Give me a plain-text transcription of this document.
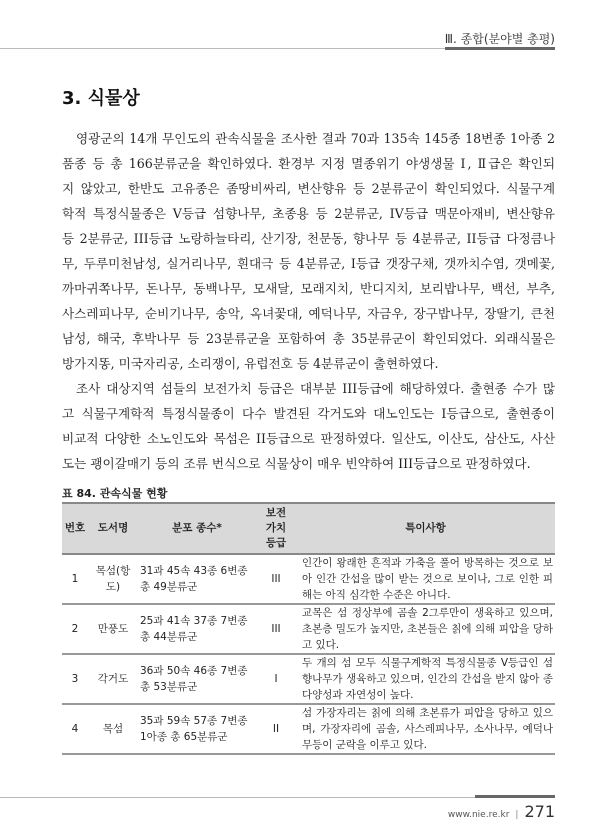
Ⅲ. 종합(분야별 총평)
3. 식물상
영광군의 14개 무인도의 관속식물을 조사한 결과 70과 135속 145종 18변종 1아종 2
품종 등 총 166분류군을 확인하였다. 환경부 지정 멸종위기 야생생물 Ⅰ, Ⅱ급은 확인되
지 않았고, 한반도 고유종은 좀땅비싸리, 변산향유 등 2분류군이 확인되었다. 식물구계
학적 특정식물종은 V등급 섬향나무, 초종용 등 2분류군, IV등급 맥문아재비, 변산향유
등 2분류군, III등급 노랑하늘타리, 산기장, 천문동, 향나무 등 4분류군, II등급 다정큼나
무, 두루미천남성, 실거리나무, 흰대극 등 4분류군, I등급 갯장구채, 갯까치수염, 갯메꽃,
까마귀쪽나무, 돈나무, 동백나무, 모새달, 모래지치, 반디지치, 보리밥나무, 백선, 부추,
사스레피나무, 순비기나무, 송악, 옥녀꽃대, 예덕나무, 자금우, 장구밥나무, 장딸기, 큰천
남성, 해국, 후박나무 등 23분류군을 포함하여 총 35분류군이 확인되었다. 외래식물은
방가지똥, 미국자리공, 소리쟁이, 유럽전호 등 4분류군이 출현하였다.
조사 대상지역 섬들의 보전가치 등급은 대부분 III등급에 해당하였다. 출현종 수가 많
고 식물구계학적 특정식물종이 다수 발견된 각거도와 대노인도는 I등급으로, 출현종이
비교적 다양한 소노인도와 목섬은 II등급으로 판정하였다. 일산도, 이산도, 삼산도, 사산
도는 괭이갈매기 등의 조류 번식으로 식물상이 매우 빈약하여 III등급으로 판정하였다.
표 84. 관속식물 현황
번호	도서명	분포 종수*	보전
가치
등급	특이사항
1	목섬(항도)	31과 45속 43종 6변종
총 49분류군	III	인간이 왕래한 흔적과 가축을 풀어 방목하는 것으로 보아 인간 간섭을 많이 받는 것으로 보이나, 그로 인한 피해는 아직 심각한 수준은 아니다.
2	만풍도	25과 41속 37종 7변종
총 44분류군	III	교목은 섬 정상부에 곰솔 2그루만이 생육하고 있으며, 초본층 밀도가 높지만, 초본들은 칡에 의해 피압을 당하고 있다.
3	각거도	36과 50속 46종 7변종
총 53분류군	I	두 개의 섬 모두 식물구계학적 특정식물종 V등급인 섬향나무가 생육하고 있으며, 인간의 간섭을 받지 않아 종다양성과 자연성이 높다.
4	목섬	35과 59속 57종 7변종
1아종 총 65분류군	II	섬 가장자리는 칡에 의해 초본류가 피압을 당하고 있으며, 가장자리에 곰솔, 사스레피나무, 소사나무, 예덕나무등이 군락을 이루고 있다.
www.nie.re.kr | 271
